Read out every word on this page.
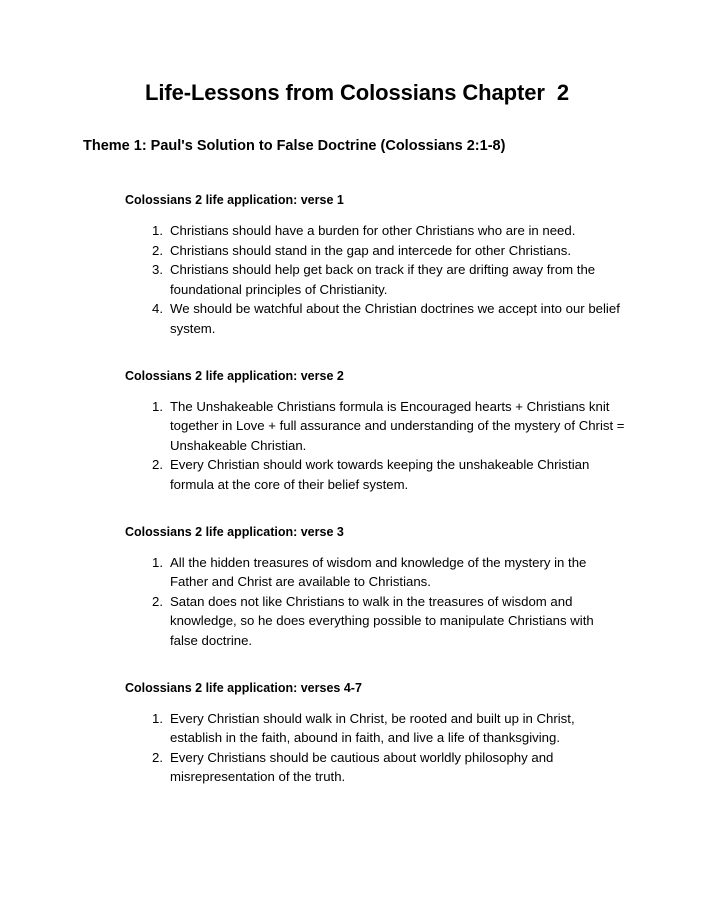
Life-Lessons from Colossians Chapter  2
Theme 1: Paul's Solution to False Doctrine (Colossians 2:1-8)
Colossians 2 life application: verse 1
Christians should have a burden for other Christians who are in need.
Christians should stand in the gap and intercede for other Christians.
Christians should help get back on track if they are drifting away from the foundational principles of Christianity.
We should be watchful about the Christian doctrines we accept into our belief system.
Colossians 2 life application: verse 2
The Unshakeable Christians formula is Encouraged hearts + Christians knit together in Love + full assurance and understanding of the mystery of Christ = Unshakeable Christian.
Every Christian should work towards keeping the unshakeable Christian formula at the core of their belief system.
Colossians 2 life application: verse 3
All the hidden treasures of wisdom and knowledge of the mystery in the Father and Christ are available to Christians.
Satan does not like Christians to walk in the treasures of wisdom and knowledge, so he does everything possible to manipulate Christians with false doctrine.
Colossians 2 life application: verses 4-7
Every Christian should walk in Christ, be rooted and built up in Christ, establish in the faith, abound in faith, and live a life of thanksgiving.
Every Christians should be cautious about worldly philosophy and misrepresentation of the truth.
